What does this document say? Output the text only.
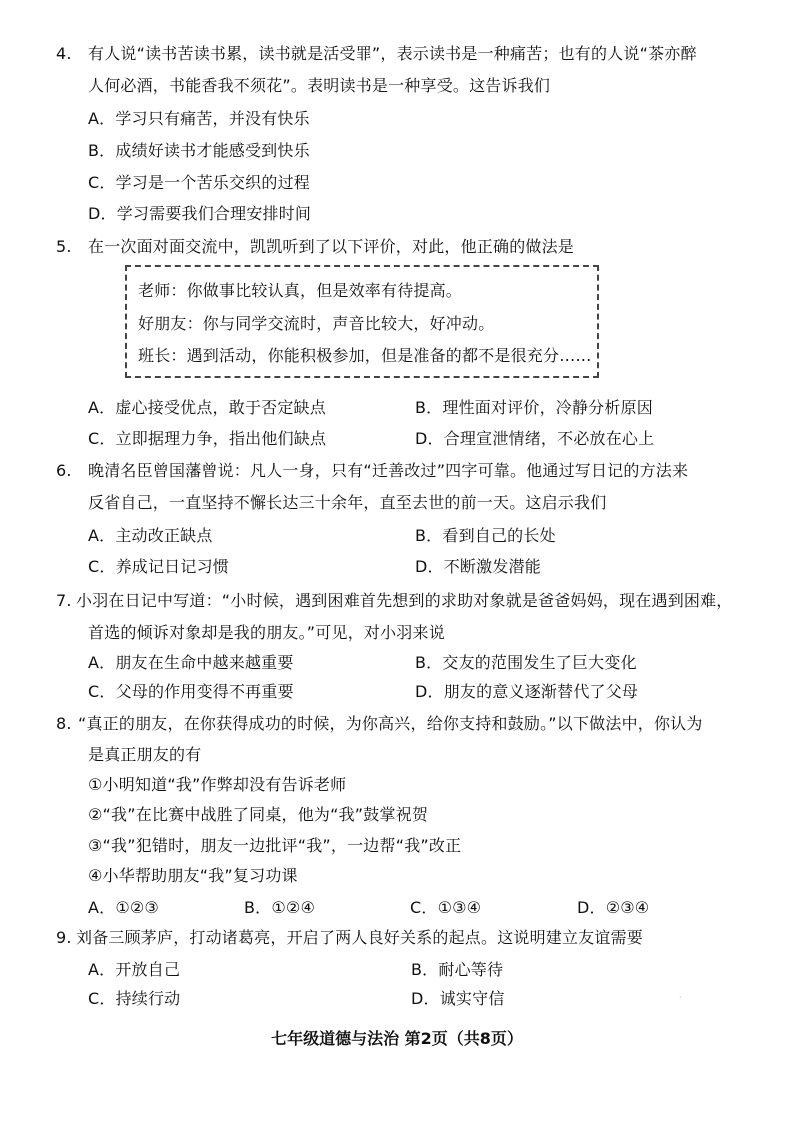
4. 有人说“读书苦读书累，读书就是活受罪”，表示读书是一种痛苦；也有的人说“茶亦醉
人何必酒，书能香我不须花”。表明读书是一种享受。这告诉我们
A．学习只有痛苦，并没有快乐
B．成绩好读书才能感受到快乐
C．学习是一个苦乐交织的过程
D．学习需要我们合理安排时间
5. 在一次面对面交流中，凯凯听到了以下评价，对此，他正确的做法是
老师：你做事比较认真，但是效率有待提高。
好朋友：你与同学交流时，声音比较大，好冲动。
班长：遇到活动，你能积极参加，但是准备的都不是很充分……
A．虚心接受优点，敢于否定缺点	B．理性面对评价，冷静分析原因
C．立即据理力争，指出他们缺点	D．合理宣泄情绪，不必放在心上
6. 晚清名臣曾国藩曾说：凡人一身，只有“迁善改过”四字可靠。他通过写日记的方法来
反省自己，一直坚持不懈长达三十余年，直至去世的前一天。这启示我们
A．主动改正缺点	B．看到自己的长处
C．养成记日记习惯	D．不断激发潜能
7. 小羽在日记中写道：“小时候，遇到困难首先想到的求助对象就是爸爸妈妈，现在遇到困难，
首选的倾诉对象却是我的朋友。”可见，对小羽来说
A．朋友在生命中越来越重要	B．交友的范围发生了巨大变化
C．父母的作用变得不再重要	D．朋友的意义逐渐替代了父母
8. “真正的朋友，在你获得成功的时候，为你高兴，给你支持和鼓励。”以下做法中，你认为
是真正朋友的有
①小明知道“我”作弊却没有告诉老师
②“我”在比赛中战胜了同桌，他为“我”鼓掌祝贺
③“我”犯错时，朋友一边批评“我”，一边帮“我”改正
④小华帮助朋友“我”复习功课
A．①②③	B．①②④	C．①③④	D．②③④
9. 刘备三顾茅庐，打动诸葛亮，开启了两人良好关系的起点。这说明建立友谊需要
A．开放自己	B．耐心等待
C．持续行动	D．诚实守信	·
七年级道德与法治 第2页（共8页）
